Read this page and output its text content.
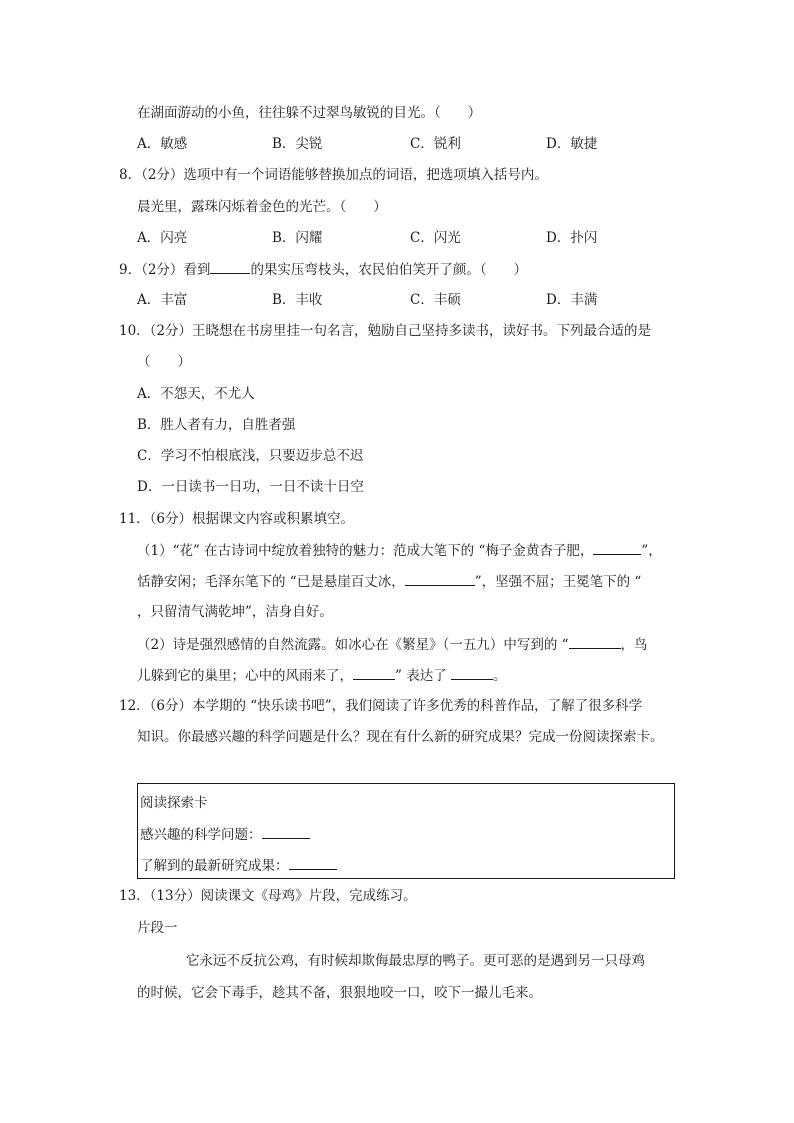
在湖面游动的小鱼，往往躲不过翠鸟敏锐的目光。（　　）
A．敏感	B．尖锐	C．锐利	D．敏捷
8．（2分）选项中有一个词语能够替换加点的词语，把选项填入括号内。
晨光里，露珠闪烁着金色的光芒。（　　）
A．闪亮	B．闪耀	C．闪光	D．扑闪
9．（2分）看到	的果实压弯枝头，农民伯伯笑开了颜。（　　）
A．丰富	B．丰收	C．丰硕	D．丰满
10．（2分）王晓想在书房里挂一句名言，勉励自己坚持多读书，读好书。下列最合适的是
（　　）
A．不怨天，不尤人
B．胜人者有力，自胜者强
C．学习不怕根底浅，只要迈步总不迟
D．一日读书一日功，一日不读十日空
11．（6分）根据课文内容或积累填空。
（1）“花” 在古诗词中绽放着独特的魅力：范成大笔下的 “梅子金黄杏子肥，	”，
恬静安闲；毛泽东笔下的 “已是悬崖百丈冰，	”，坚强不屈；王冕笔下的 “
，只留清气满乾坤”，洁身自好。
（2）诗是强烈感情的自然流露。如冰心在《繁星》（一五九）中写到的 “	，鸟
儿躲到它的巢里；心中的风雨来了，	” 表达了	。
12．（6分）本学期的 “快乐读书吧”，我们阅读了许多优秀的科普作品，了解了很多科学
知识。你最感兴趣的科学问题是什么？现在有什么新的研究成果？完成一份阅读探索卡。
阅读探索卡
感兴趣的科学问题：
了解到的最新研究成果：
13．（13分）阅读课文《母鸡》片段，完成练习。
片段一
它永远不反抗公鸡，有时候却欺侮最忠厚的鸭子。更可恶的是遇到另一只母鸡
的时候，它会下毒手，趁其不备，狠狠地咬一口，咬下一撮儿毛来。
